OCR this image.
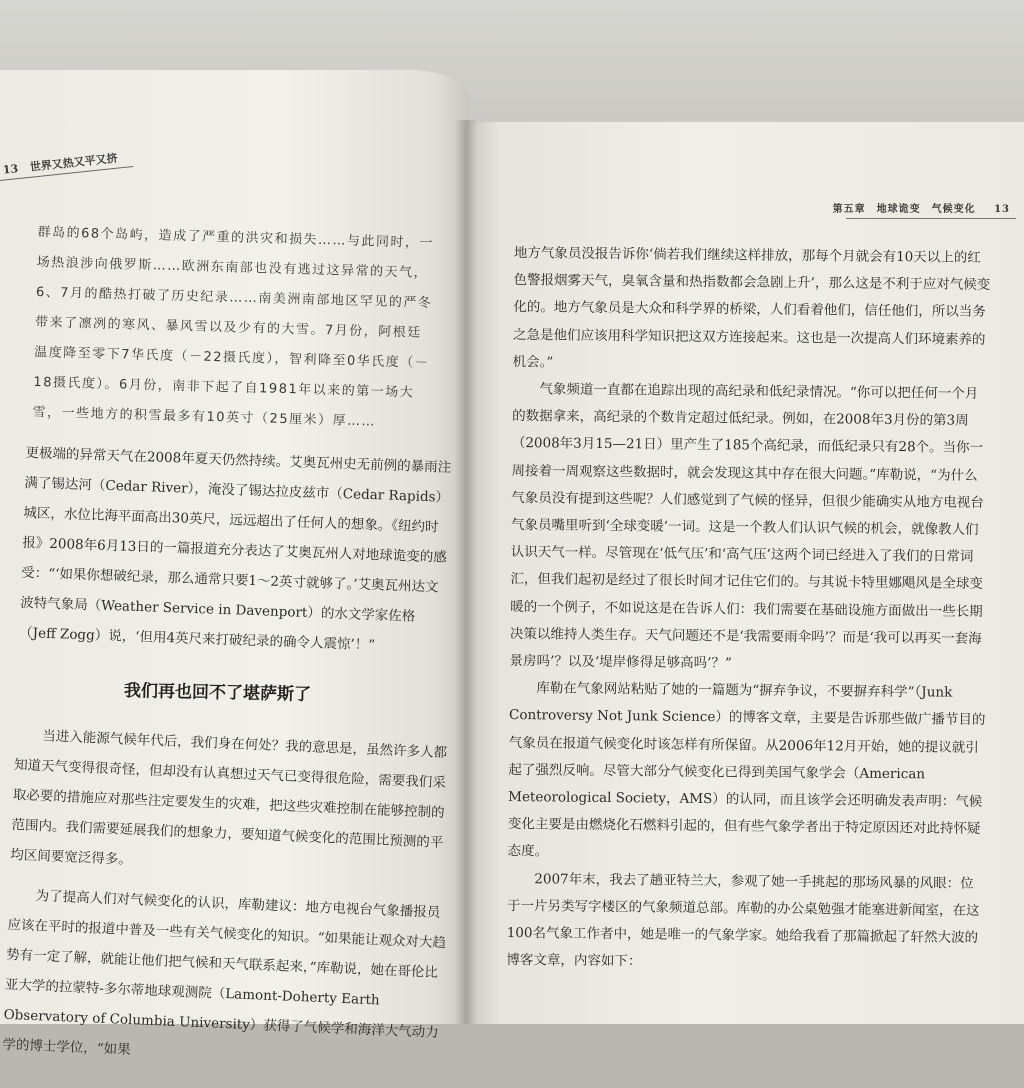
13 世界又热又平又挤
群岛的68个岛屿，造成了严重的洪灾和损失……与此同时，一场热浪涉向俄罗斯……欧洲东南部也没有逃过这异常的天气，6、7月的酷热打破了历史纪录……南美洲南部地区罕见的严冬带来了凛冽的寒风、暴风雪以及少有的大雪。7月份，阿根廷温度降至零下7华氏度（－22摄氏度），智利降至0华氏度（－18摄氏度）。6月份，南非下起了自1981年以来的第一场大雪，一些地方的积雪最多有10英寸（25厘米）厚……

更极端的异常天气在2008年夏天仍然持续。艾奥瓦州史无前例的暴雨注满了锡达河（Cedar River），淹没了锡达拉皮兹市（Cedar Rapids）城区，水位比海平面高出30英尺，远远超出了任何人的想象。《纽约时报》2008年6月13日的一篇报道充分表达了艾奥瓦州人对地球诡变的感受：“‘如果你想破纪录，那么通常只要1～2英寸就够了。’艾奥瓦州达文波特气象局（Weather Service in Davenport）的水文学家佐格（Jeff Zogg）说，‘但用4英尺来打破纪录的确令人震惊’！”

我们再也回不了堪萨斯了

当进入能源气候年代后，我们身在何处？我的意思是，虽然许多人都知道天气变得很奇怪，但却没有认真想过天气已变得很危险，需要我们采取必要的措施应对那些注定要发生的灾难，把这些灾难控制在能够控制的范围内。我们需要延展我们的想象力，要知道气候变化的范围比预测的平均区间要宽泛得多。

为了提高人们对气候变化的认识，库勒建议：地方电视台气象播报员应该在平时的报道中普及一些有关气候变化的知识。“如果能让观众对大趋势有一定了解，就能让他们把气候和天气联系起来，”库勒说，她在哥伦比亚大学的拉蒙特-多尔蒂地球观测院（Lamont-Doherty Earth Observatory of Columbia University）获得了气候学和海洋大气动力学的博士学位，“如果

第五章　地球诡变　气候变化 13

地方气象员没报告诉你‘倘若我们继续这样排放，那每个月就会有10天以上的红色警报烟雾天气，臭氧含量和热指数都会急剧上升’，那么这是不利于应对气候变化的。地方气象员是大众和科学界的桥梁，人们看着他们，信任他们，所以当务之急是他们应该用科学知识把这双方连接起来。这也是一次提高人们环境素养的机会。”

气象频道一直都在追踪出现的高纪录和低纪录情况。“你可以把任何一个月的数据拿来，高纪录的个数肯定超过低纪录。例如，在2008年3月份的第3周（2008年3月15—21日）里产生了185个高纪录，而低纪录只有28个。当你一周接着一周观察这些数据时，就会发现这其中存在很大问题。”库勒说，“为什么气象员没有提到这些呢？人们感觉到了气候的怪异，但很少能确实从地方电视台气象员嘴里听到‘全球变暖’一词。这是一个教人们认识气候的机会，就像教人们认识天气一样。尽管现在‘低气压’和‘高气压’这两个词已经进入了我们的日常词汇，但我们起初是经过了很长时间才记住它们的。与其说卡特里娜飓风是全球变暖的一个例子，不如说这是在告诉人们：我们需要在基础设施方面做出一些长期决策以维持人类生存。天气问题还不是‘我需要雨伞吗’？而是‘我可以再买一套海景房吗’？以及‘堤岸修得足够高吗’？”

库勒在气象网站粘贴了她的一篇题为“摒弃争议，不要摒弃科学”（Junk Controversy Not Junk Science）的博客文章，主要是告诉那些做广播节目的气象员在报道气候变化时该怎样有所保留。从2006年12月开始，她的提议就引起了强烈反响。尽管大部分气候变化已得到美国气象学会（American Meteorological Society，AMS）的认同，而且该学会还明确发表声明：气候变化主要是由燃烧化石燃料引起的，但有些气象学者出于特定原因还对此持怀疑态度。

2007年末，我去了趟亚特兰大，参观了她一手挑起的那场风暴的风眼：位于一片另类写字楼区的气象频道总部。库勒的办公桌勉强才能塞进新闻室，在这100名气象工作者中，她是唯一的气象学家。她给我看了那篇掀起了轩然大波的博客文章，内容如下：
